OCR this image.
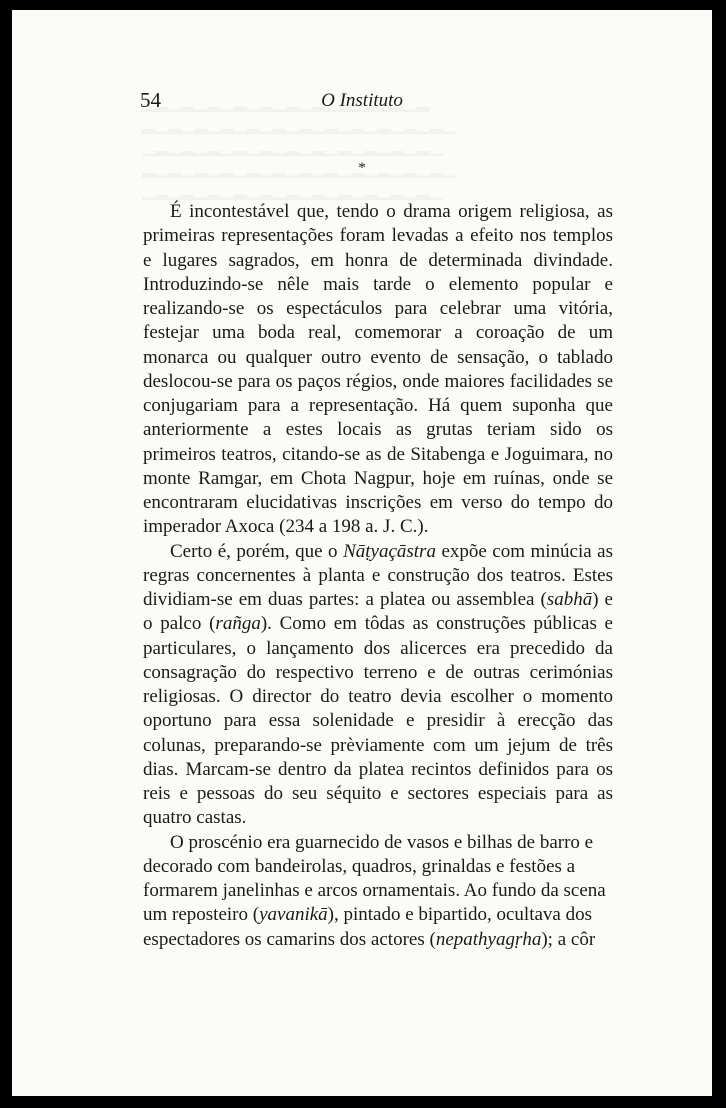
54	O Instituto
*

É incontestável que, tendo o drama origem religiosa, as primeiras representações foram levadas a efeito nos templos e lugares sagrados, em honra de determinada divindade. Introduzindo-se nêle mais tarde o elemento popular e realizando-se os espectáculos para celebrar uma vitória, festejar uma boda real, comemorar a coroação de um monarca ou qualquer outro evento de sensação, o tablado deslocou-se para os paços régios, onde maiores facilidades se conjugariam para a representação. Há quem suponha que anteriormente a estes locais as grutas teriam sido os primeiros teatros, citando-se as de Sitabenga e Joguimara, no monte Ramgar, em Chota Nagpur, hoje em ruínas, onde se encontraram elucidativas inscrições em verso do tempo do imperador Axoca (234 a 198 a. J. C.).

Certo é, porém, que o Nāṭyaçāstra expõe com minúcia as regras concernentes à planta e construção dos teatros. Estes dividiam-se em duas partes: a platea ou assemblea (sabhā) e o palco (rañga). Como em tôdas as construções públicas e particulares, o lançamento dos alicerces era precedido da consagração do respectivo terreno e de outras cerimónias religiosas. O director do teatro devia escolher o momento oportuno para essa solenidade e presidir à erecção das colunas, preparando-se prèviamente com um jejum de três dias. Marcam-se dentro da platea recintos definidos para os reis e pessoas do seu séquito e sectores especiais para as quatro castas.

O proscénio era guarnecido de vasos e bilhas de barro e decorado com bandeirolas, quadros, grinaldas e festões a formarem janelinhas e arcos ornamentais. Ao fundo da scena um reposteiro (yavanikā), pintado e bipartido, ocultava dos espectadores os camarins dos actores (nepathyagṛha); a côr
